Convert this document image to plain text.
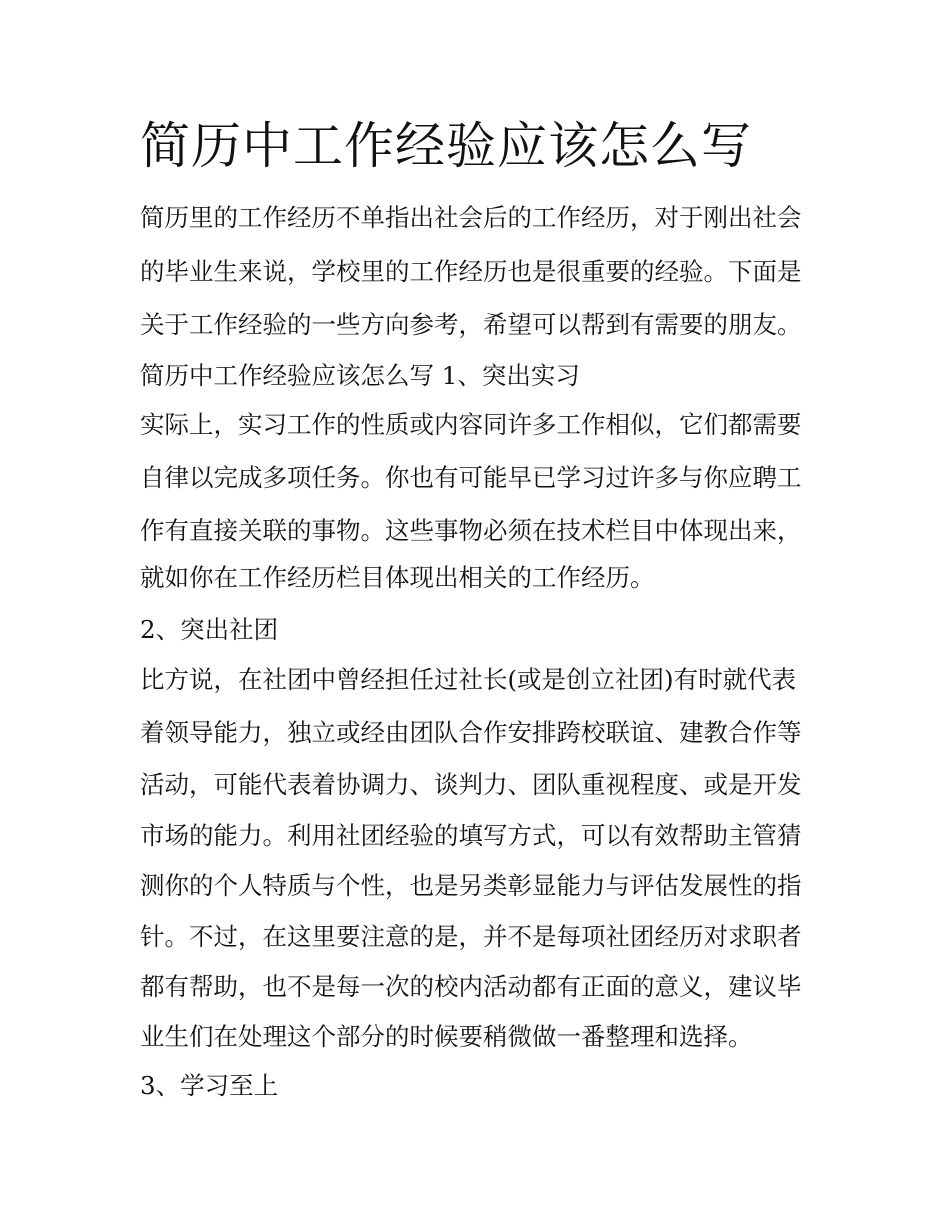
简历中工作经验应该怎么写

简历里的工作经历不单指出社会后的工作经历，对于刚出社会

的毕业生来说，学校里的工作经历也是很重要的经验。下面是

关于工作经验的一些方向参考，希望可以帮到有需要的朋友。

简历中工作经验应该怎么写 1、突出实习

实际上，实习工作的性质或内容同许多工作相似，它们都需要

自律以完成多项任务。你也有可能早已学习过许多与你应聘工

作有直接关联的事物。这些事物必须在技术栏目中体现出来，

就如你在工作经历栏目体现出相关的工作经历。

2、突出社团

比方说，在社团中曾经担任过社长(或是创立社团)有时就代表

着领导能力，独立或经由团队合作安排跨校联谊、建教合作等

活动，可能代表着协调力、谈判力、团队重视程度、或是开发

市场的能力。利用社团经验的填写方式，可以有效帮助主管猜

测你的个人特质与个性，也是另类彰显能力与评估发展性的指

针。不过，在这里要注意的是，并不是每项社团经历对求职者

都有帮助，也不是每一次的校内活动都有正面的意义，建议毕

业生们在处理这个部分的时候要稍微做一番整理和选择。

3、学习至上
